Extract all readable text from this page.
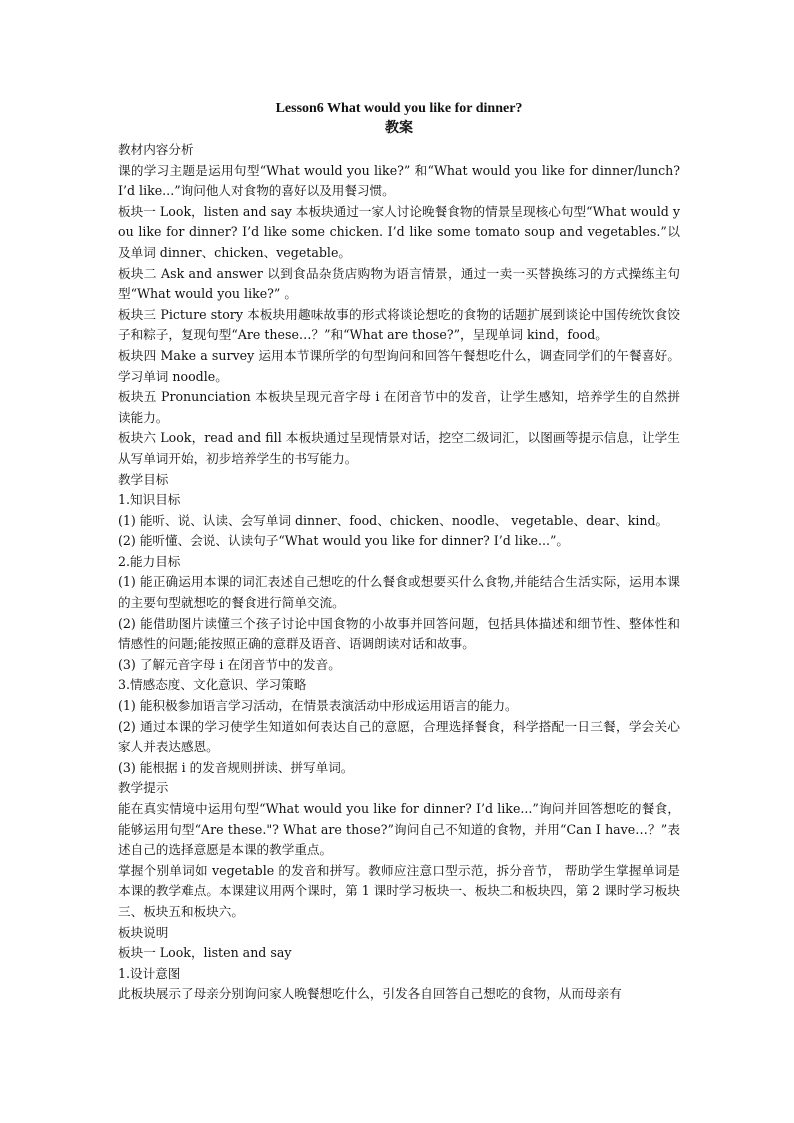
Lesson6 What would you like for dinner?

教案

教材内容分析

课的学习主题是运用句型“What would you like?” 和“What would you like for dinner/lunch? I’d like...”询问他人对食物的喜好以及用餐习惯。

板块一 Look，listen and say 本板块通过一家人讨论晚餐食物的情景呈现核心句型“What would you like for dinner? I’d like some chicken. I’d like some tomato soup and vegetables.”以及单词 dinner、chicken、vegetable。

板块二 Ask and answer 以到食品杂货店购物为语言情景，通过一卖一买替换练习的方式操练主句型“What would you like?” 。

板块三 Picture story 本板块用趣味故事的形式将谈论想吃的食物的话题扩展到谈论中国传统饮食饺子和粽子，复现句型“Are these…？”和“What are those?”，呈现单词 kind，food。

板块四 Make a survey 运用本节课所学的句型询问和回答午餐想吃什么，调查同学们的午餐喜好。学习单词 noodle。

板块五 Pronunciation 本板块呈现元音字母 i 在闭音节中的发音，让学生感知，培养学生的自然拼读能力。

板块六 Look，read and fill 本板块通过呈现情景对话，挖空二级词汇，以图画等提示信息，让学生从写单词开始，初步培养学生的书写能力。

教学目标

1.知识目标

(1) 能听、说、认读、会写单词 dinner、food、chicken、noodle、 vegetable、dear、kind。

(2) 能听懂、会说、认读句子“What would you like for dinner? I’d like...”。

2.能力目标

(1) 能正确运用本课的词汇表述自己想吃的什么餐食或想要买什么食物,并能结合生活实际，运用本课的主要句型就想吃的餐食进行简单交流。

(2) 能借助图片读懂三个孩子讨论中国食物的小故事并回答问题，包括具体描述和细节性、整体性和情感性的问题;能按照正确的意群及语音、语调朗读对话和故事。

(3) 了解元音字母 i 在闭音节中的发音。

3.情感态度、文化意识、学习策略

(1) 能积极参加语言学习活动，在情景表演活动中形成运用语言的能力。

(2) 通过本课的学习使学生知道如何表达自己的意愿，合理选择餐食，科学搭配一日三餐，学会关心家人并表达感恩。

(3) 能根据 i 的发音规则拼读、拼写单词。

教学提示

能在真实情境中运用句型“What would you like for dinner? I’d like...”询问并回答想吃的餐食，能够运用句型“Are these."? What are those?”询问自己不知道的食物，并用“Can I have…？”表述自己的选择意愿是本课的教学重点。

掌握个别单词如 vegetable 的发音和拼写。教师应注意口型示范，拆分音节， 帮助学生掌握单词是本课的教学难点。本课建议用两个课时，第 1 课时学习板块一、板块二和板块四，第 2 课时学习板块三、板块五和板块六。

板块说明

板块一 Look，listen and say

1.设计意图

此板块展示了母亲分别询问家人晚餐想吃什么，引发各自回答自己想吃的食物，从而母亲有
